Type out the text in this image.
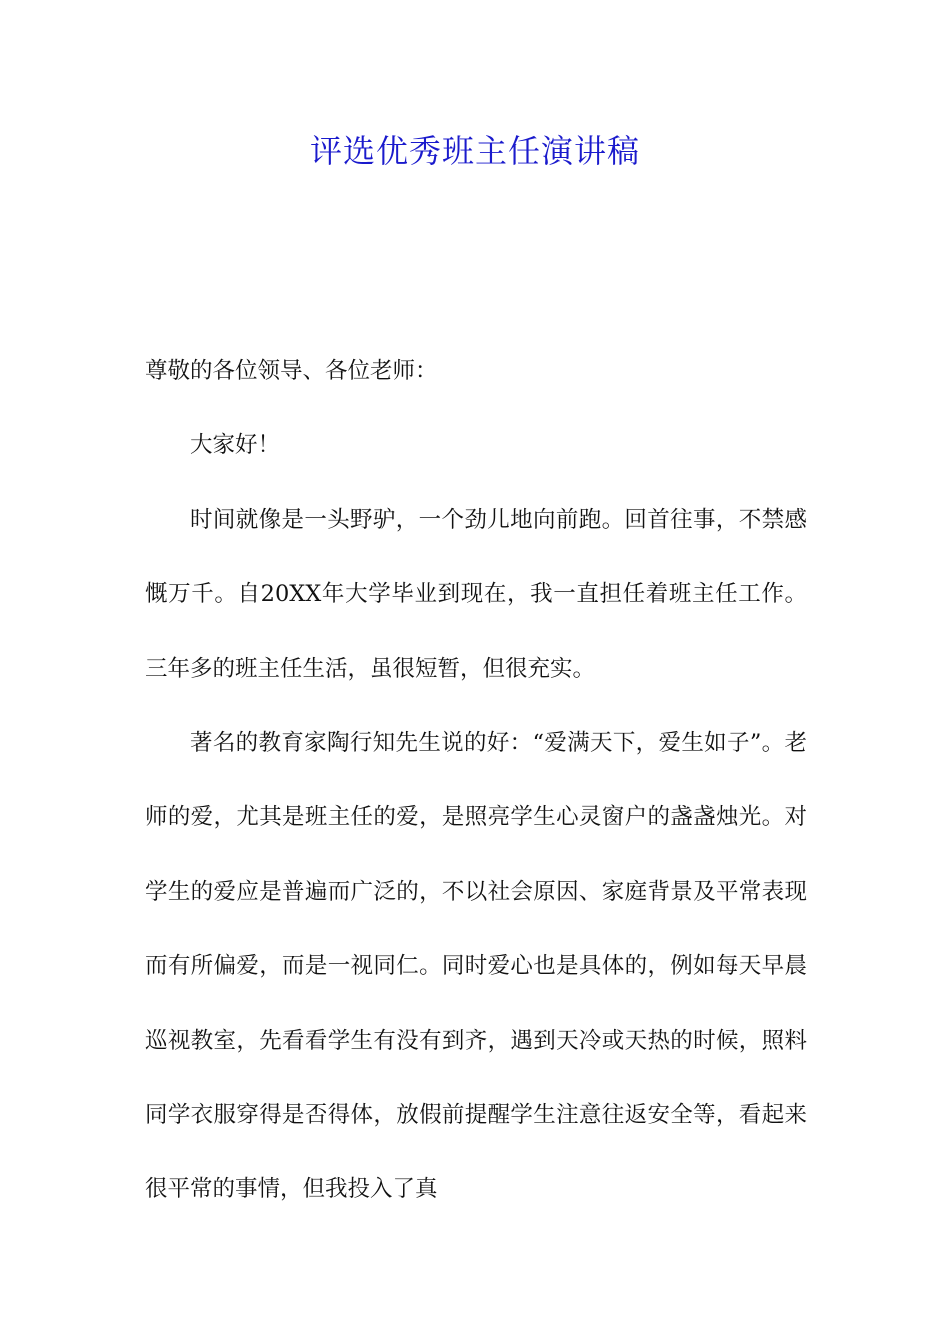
评选优秀班主任演讲稿

尊敬的各位领导、各位老师：

大家好！

时间就像是一头野驴，一个劲儿地向前跑。回首往事，不禁感慨万千。自20XX年大学毕业到现在，我一直担任着班主任工作。三年多的班主任生活，虽很短暂，但很充实。

著名的教育家陶行知先生说的好：“爱满天下，爱生如子”。老师的爱，尤其是班主任的爱，是照亮学生心灵窗户的盏盏烛光。对学生的爱应是普遍而广泛的，不以社会原因、家庭背景及平常表现而有所偏爱，而是一视同仁。同时爱心也是具体的，例如每天早晨巡视教室，先看看学生有没有到齐，遇到天冷或天热的时候，照料同学衣服穿得是否得体，放假前提醒学生注意往返安全等，看起来很平常的事情，但我投入了真
